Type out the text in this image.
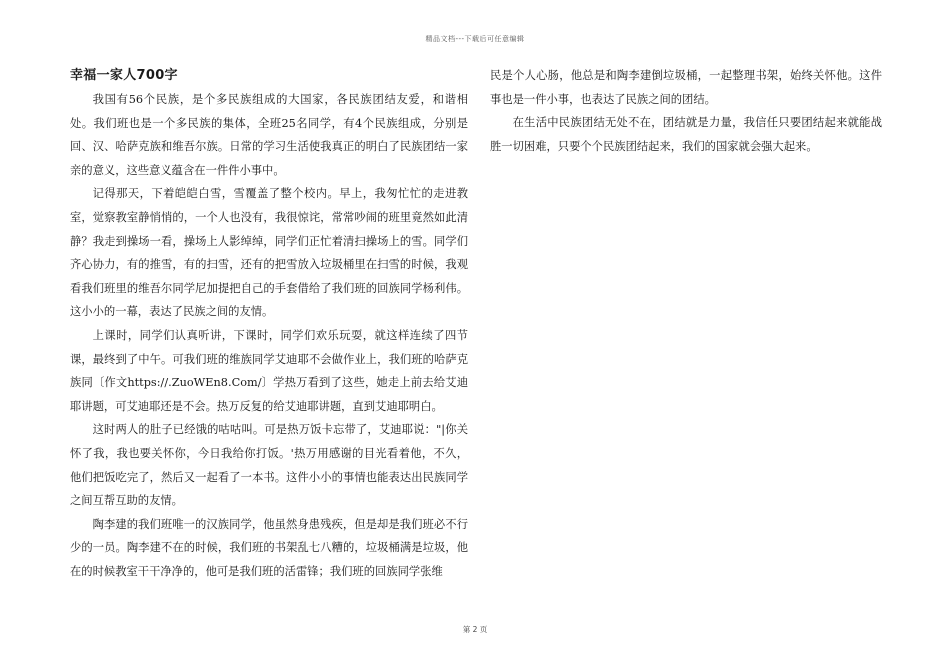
精品文档---下载后可任意编辑
幸福一家人700字

我国有56个民族，是个多民族组成的大国家，各民族团结友爱，和谐相处。我们班也是一个多民族的集体，全班25名同学，有4个民族组成，分别是回、汉、哈萨克族和维吾尔族。日常的学习生活使我真正的明白了民族团结一家亲的意义，这些意义蕴含在一件件小事中。

记得那天，下着皑皑白雪，雪覆盖了整个校内。早上，我匆忙忙的走进教室，觉察教室静悄悄的，一个人也没有，我很惊诧，常常吵闹的班里竟然如此清静？我走到操场一看，操场上人影绰绰，同学们正忙着清扫操场上的雪。同学们齐心协力，有的推雪，有的扫雪，还有的把雪放入垃圾桶里在扫雪的时候，我观看我们班里的维吾尔同学尼加提把自己的手套借给了我们班的回族同学杨利伟。这小小的一幕，表达了民族之间的友情。

上课时，同学们认真听讲，下课时，同学们欢乐玩耍，就这样连续了四节课，最终到了中午。可我们班的维族同学艾迪耶不会做作业上，我们班的哈萨克族同〔作文https://.ZuoWEn8.Com/〕学热万看到了这些，她走上前去给艾迪耶讲题，可艾迪耶还是不会。热万反复的给艾迪耶讲题，直到艾迪耶明白。

这时两人的肚子已经饿的咕咕叫。可是热万饭卡忘带了，艾迪耶说："|你关怀了我，我也要关怀你，今日我给你打饭。'热万用感谢的目光看着他，不久，他们把饭吃完了，然后又一起看了一本书。这件小小的事情也能表达出民族同学之间互帮互助的友情。

陶李建的我们班唯一的汉族同学，他虽然身患残疾，但是却是我们班必不行少的一员。陶李建不在的时候，我们班的书架乱七八糟的，垃圾桶满是垃圾，他在的时候教室干干净净的，他可是我们班的活雷锋；我们班的回族同学张维

民是个人心肠，他总是和陶李建倒垃圾桶，一起整理书架，始终关怀他。这件事也是一件小事，也表达了民族之间的团结。

在生活中民族团结无处不在，团结就是力量，我信任只要团结起来就能战胜一切困难，只要个个民族团结起来，我们的国家就会强大起来。

第 2 页
